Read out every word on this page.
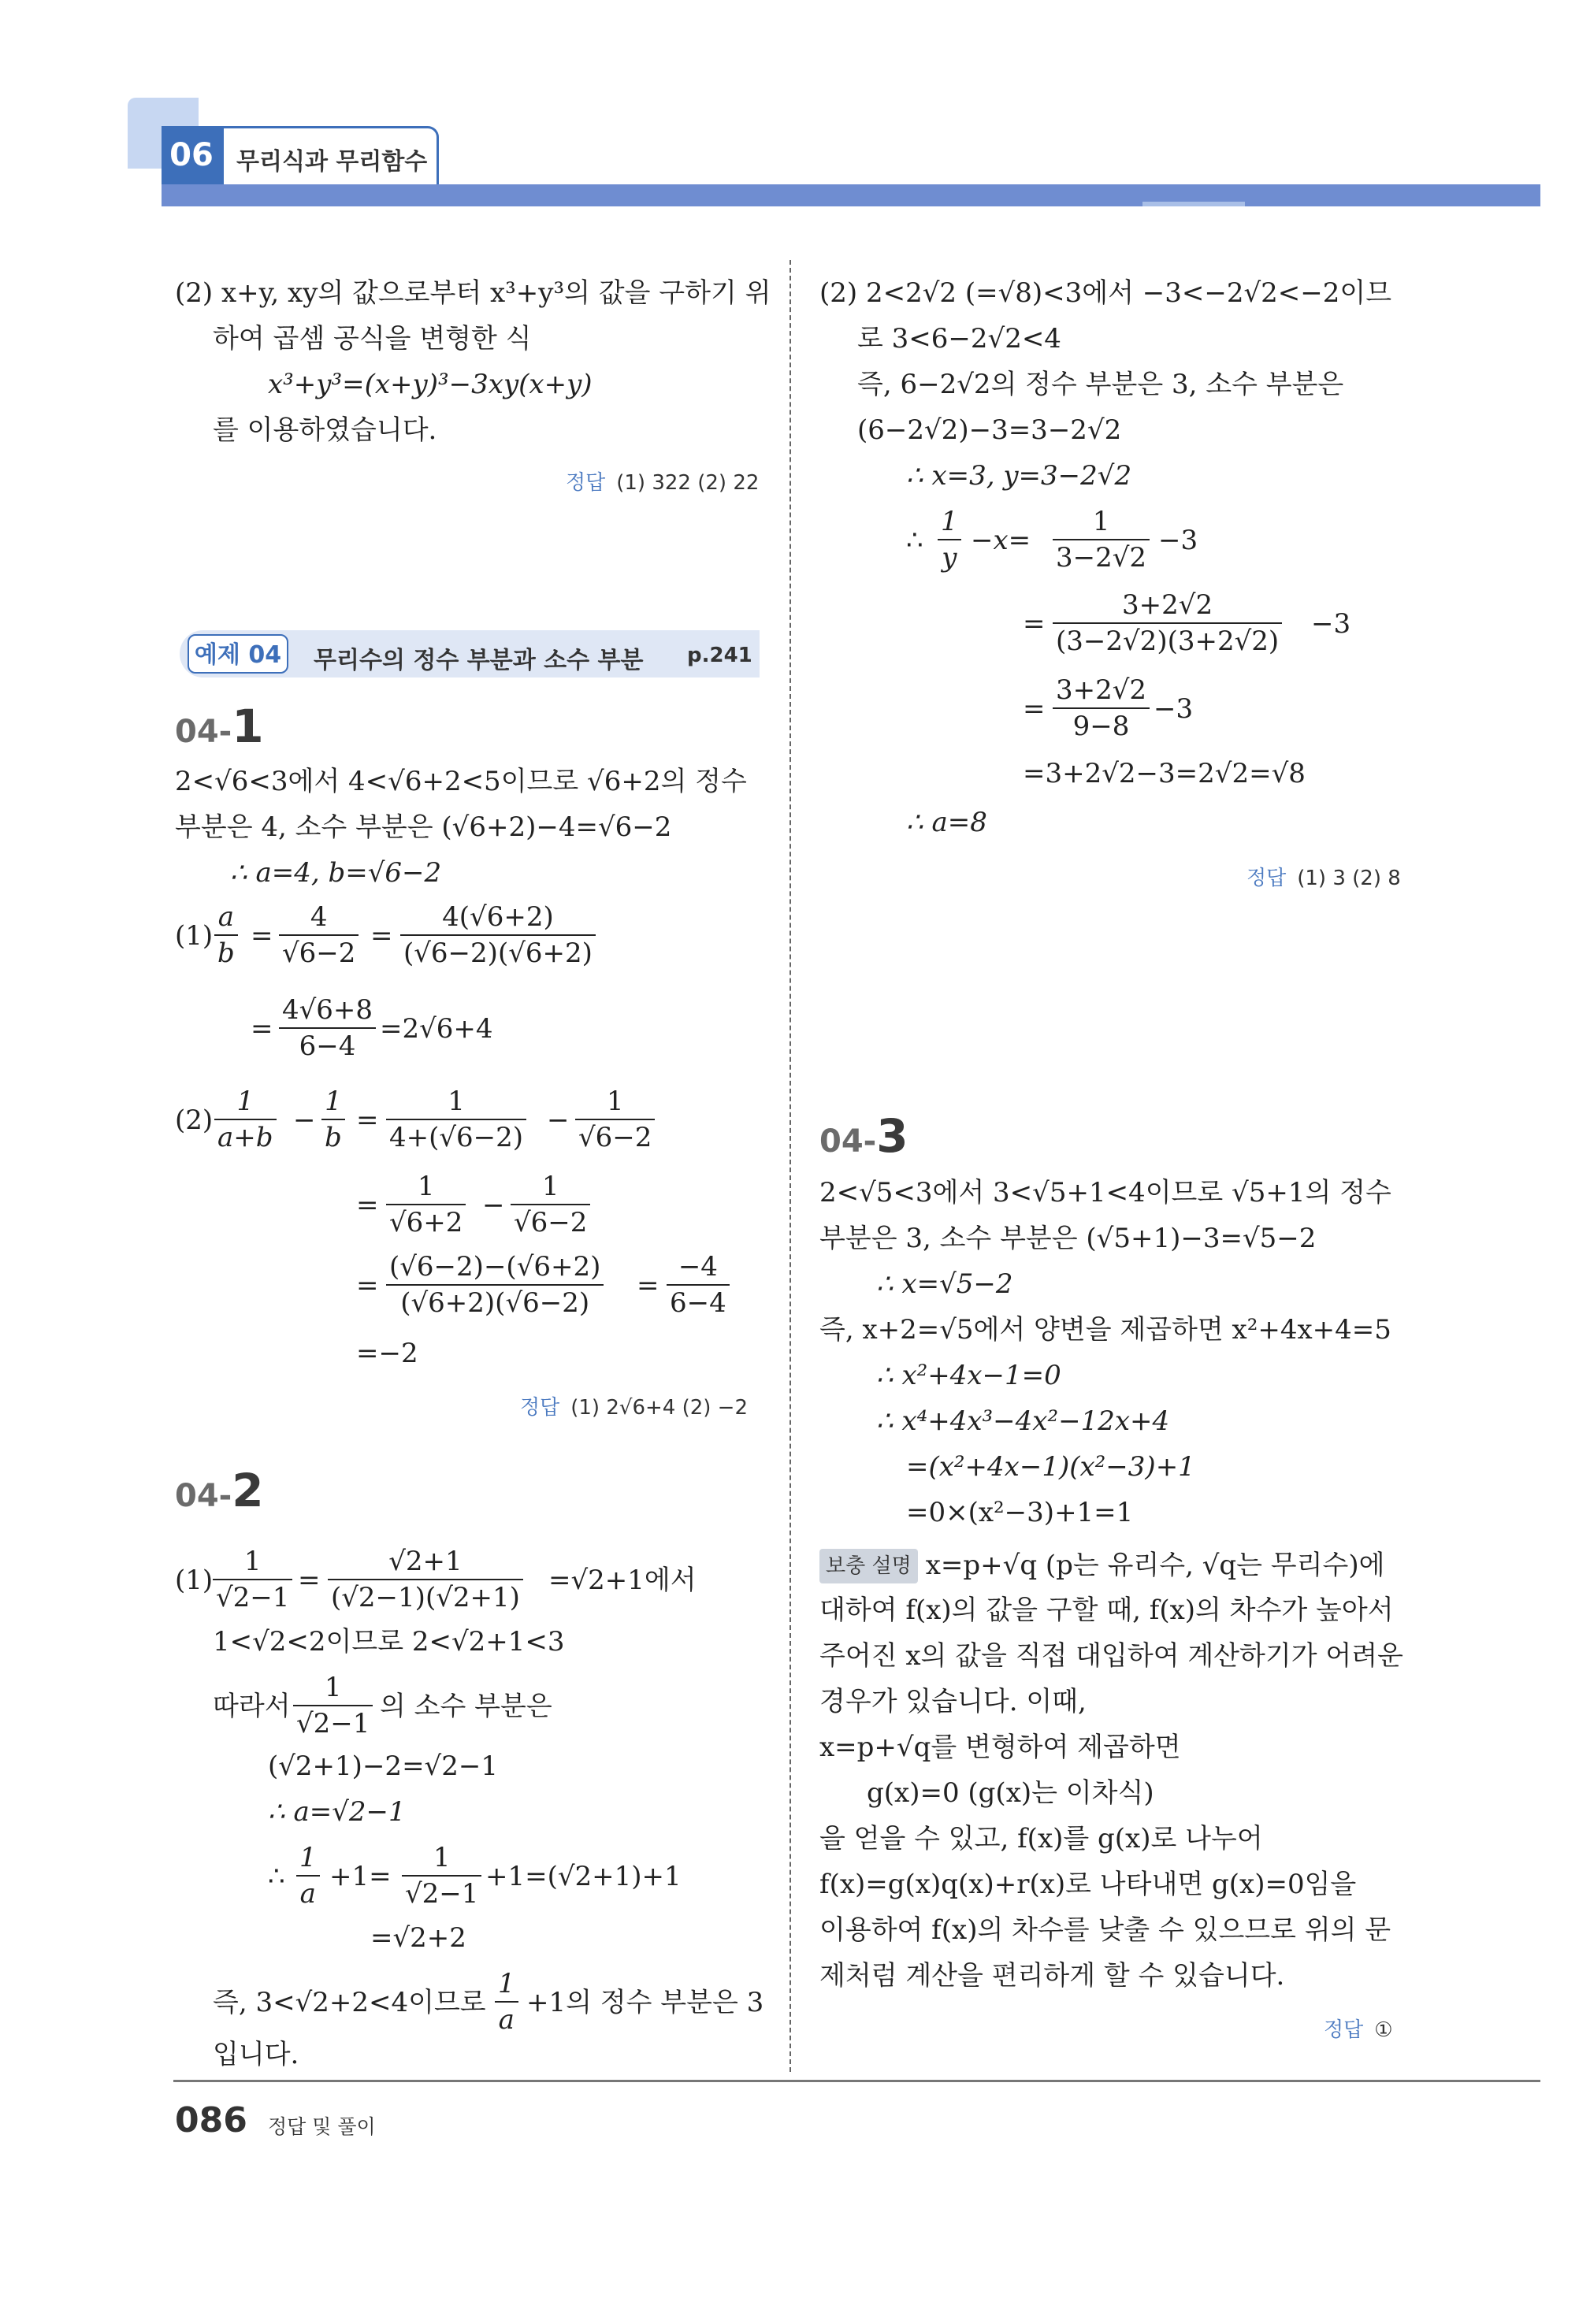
06 무리식과 무리함수
(2) x+y, xy의 값으로부터 x³+y³의 값을 구하기 위
하여 곱셈 공식을 변형한 식
x³+y³=(x+y)³−3xy(x+y)
를 이용하였습니다.
정답 (1) 322 (2) 22
예제 04 무리수의 정수 부분과 소수 부분 p.241
04-1
2<√6<3에서 4<√6+2<5이므로 √6+2의 정수
부분은 4, 소수 부분은 (√6+2)−4=√6−2
∴ a=4, b=√6−2
(1)
a
b
=
4
√6−2
=
4(√6+2)
(√6−2)(√6+2)
=
4√6+8
6−4
=2√6+4
(2)
1
a+b
−
1
b
=
1
4+(√6−2)
−
1
√6−2
=
1
√6+2
−
1
√6−2
=
(√6−2)−(√6+2)
(√6+2)(√6−2)
=
−4
6−4
=−2
정답 (1) 2√6+4 (2) −2
04-2
(1)
1
√2−1
=
√2+1
(√2−1)(√2+1)
=√2+1에서
1<√2<2이므로 2<√2+1<3
따라서
1
√2−1
의 소수 부분은
(√2+1)−2=√2−1
∴ a=√2−1
∴
1
a
+1=
1
√2−1
+1=(√2+1)+1
=√2+2
즉, 3<√2+2<4이므로
1
a
+1의 정수 부분은 3
입니다.
(2) 2<2√2 (=√8)<3에서 −3<−2√2<−2이므
로 3<6−2√2<4
즉, 6−2√2의 정수 부분은 3, 소수 부분은
(6−2√2)−3=3−2√2
∴ x=3, y=3−2√2
∴
1
y
−x=
1
3−2√2
−3
=
3+2√2
(3−2√2)(3+2√2)
−3
=
3+2√2
9−8
−3
=3+2√2−3=2√2=√8
∴ a=8
정답 (1) 3 (2) 8
04-3
2<√5<3에서 3<√5+1<4이므로 √5+1의 정수
부분은 3, 소수 부분은 (√5+1)−3=√5−2
∴ x=√5−2
즉, x+2=√5에서 양변을 제곱하면 x²+4x+4=5
∴ x²+4x−1=0
∴ x⁴+4x³−4x²−12x+4
=(x²+4x−1)(x²−3)+1
=0×(x²−3)+1=1
보충 설명 x=p+√q (p는 유리수, √q는 무리수)에
대하여 f(x)의 값을 구할 때, f(x)의 차수가 높아서
주어진 x의 값을 직접 대입하여 계산하기가 어려운
경우가 있습니다. 이때,
x=p+√q를 변형하여 제곱하면
g(x)=0 (g(x)는 이차식)
을 얻을 수 있고, f(x)를 g(x)로 나누어
f(x)=g(x)q(x)+r(x)로 나타내면 g(x)=0임을
이용하여 f(x)의 차수를 낮출 수 있으므로 위의 문
제처럼 계산을 편리하게 할 수 있습니다.
정답 ①
086 정답 및 풀이
